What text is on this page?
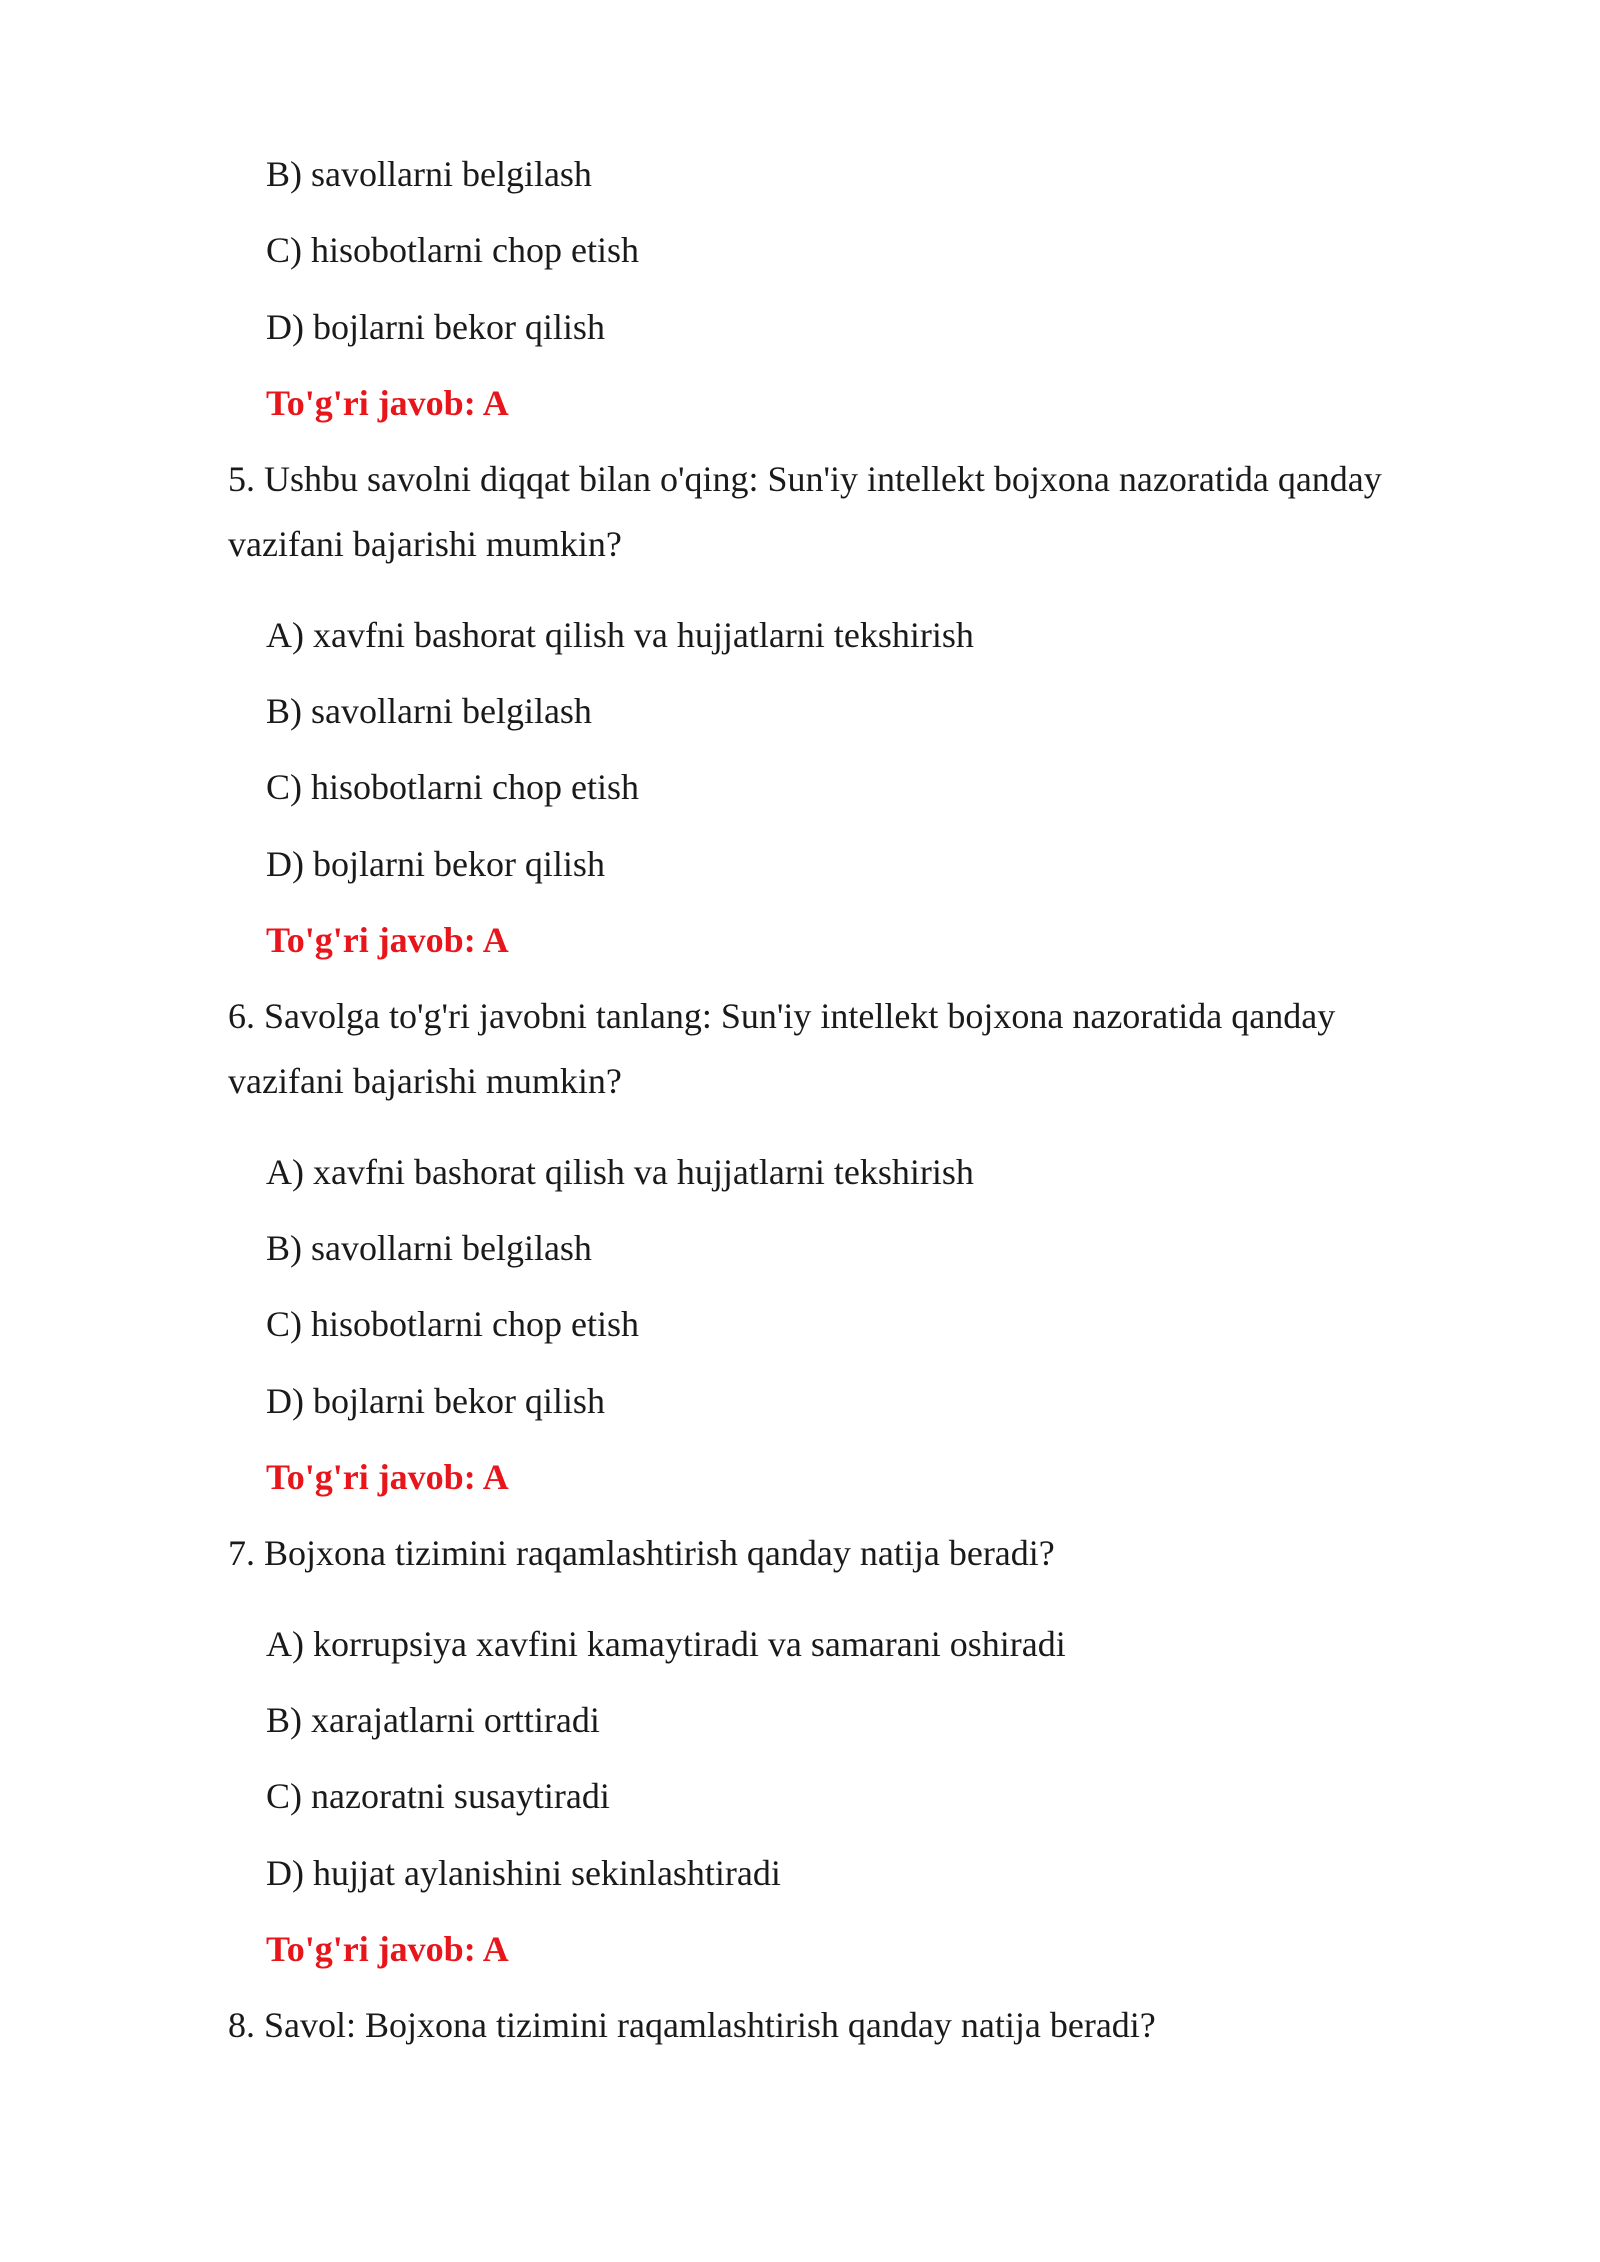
B) savollarni belgilash
C) hisobotlarni chop etish
D) bojlarni bekor qilish
To'g'ri javob: A
5. Ushbu savolni diqqat bilan o'qing: Sun'iy intellekt bojxona nazoratida qanday
vazifani bajarishi mumkin?
A) xavfni bashorat qilish va hujjatlarni tekshirish
B) savollarni belgilash
C) hisobotlarni chop etish
D) bojlarni bekor qilish
To'g'ri javob: A
6. Savolga to'g'ri javobni tanlang: Sun'iy intellekt bojxona nazoratida qanday
vazifani bajarishi mumkin?
A) xavfni bashorat qilish va hujjatlarni tekshirish
B) savollarni belgilash
C) hisobotlarni chop etish
D) bojlarni bekor qilish
To'g'ri javob: A
7. Bojxona tizimini raqamlashtirish qanday natija beradi?
A) korrupsiya xavfini kamaytiradi va samarani oshiradi
B) xarajatlarni orttiradi
C) nazoratni susaytiradi
D) hujjat aylanishini sekinlashtiradi
To'g'ri javob: A
8. Savol: Bojxona tizimini raqamlashtirish qanday natija beradi?
